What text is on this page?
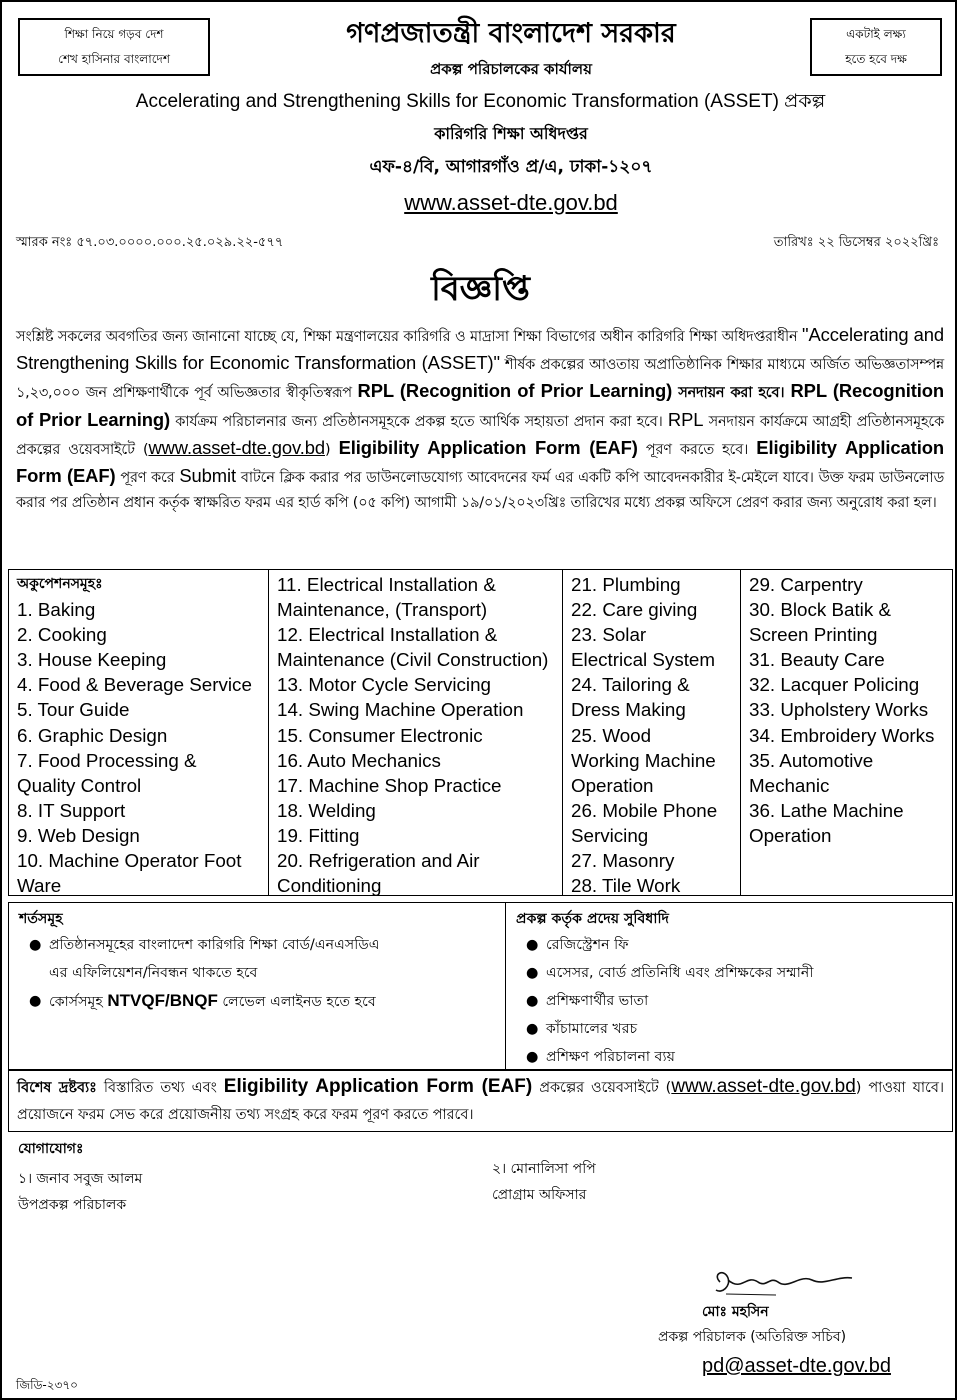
শিক্ষা নিয়ে গড়ব দেশ
শেখ হাসিনার বাংলাদেশ
একটাই লক্ষ্য
হতে হবে দক্ষ
গণপ্রজাতন্ত্রী বাংলাদেশ সরকার
প্রকল্প পরিচালকের কার্যালয়
Accelerating and Strengthening Skills for Economic Transformation (ASSET) প্রকল্প
কারিগরি শিক্ষা অধিদপ্তর
এফ-৪/বি, আগারগাঁও প্র/এ, ঢাকা-১২০৭
www.asset-dte.gov.bd
স্মারক নংঃ ৫৭.০৩.০০০০.০০০.২৫.০২৯.২২-৫৭৭	তারিখঃ ২২ ডিসেম্বর ২০২২খ্রিঃ
বিজ্ঞপ্তি
সংশ্লিষ্ট সকলের অবগতির জন্য জানানো যাচ্ছে যে, শিক্ষা মন্ত্রণালয়ের কারিগরি ও মাদ্রাসা শিক্ষা বিভাগের অধীন কারিগরি শিক্ষা অধিদপ্তরাধীন "Accelerating and Strengthening Skills for Economic Transformation (ASSET)" শীর্ষক প্রকল্পের আওতায় অপ্রাতিষ্ঠানিক শিক্ষার মাধ্যমে অর্জিত অভিজ্ঞতাসম্পন্ন ১,২৩,০০০ জন প্রশিক্ষণার্থীকে পূর্ব অভিজ্ঞতার স্বীকৃতিস্বরূপ RPL (Recognition of Prior Learning) সনদায়ন করা হবে। RPL (Recognition of Prior Learning) কার্যক্রম পরিচালনার জন্য প্রতিষ্ঠানসমূহকে প্রকল্প হতে আর্থিক সহায়তা প্রদান করা হবে। RPL সনদায়ন কার্যক্রমে আগ্রহী প্রতিষ্ঠানসমূহকে প্রকল্পের ওয়েবসাইটে (www.asset-dte.gov.bd) Eligibility Application Form (EAF) পূরণ করতে হবে। Eligibility Application Form (EAF) পূরণ করে Submit বাটনে ক্লিক করার পর ডাউনলোডযোগ্য আবেদনের ফর্ম এর একটি কপি আবেদনকারীর ই-মেইলে যাবে। উক্ত ফরম ডাউনলোড করার পর প্রতিষ্ঠান প্রধান কর্তৃক স্বাক্ষরিত ফরম এর হার্ড কপি (০৫ কপি) আগামী ১৯/০১/২০২৩খ্রিঃ তারিখের মধ্যে প্রকল্প অফিসে প্রেরণ করার জন্য অনুরোধ করা হল।
অকুপেশনসমূহঃ
1. Baking
2. Cooking
3. House Keeping
4. Food & Beverage Service
5. Tour Guide
6. Graphic Design
7. Food Processing &
Quality Control
8. IT Support
9. Web Design
10. Machine Operator Foot
Ware
11. Electrical Installation &
Maintenance, (Transport)
12. Electrical Installation &
Maintenance (Civil Construction)
13. Motor Cycle Servicing
14. Swing Machine Operation
15. Consumer Electronic
16. Auto Mechanics
17. Machine Shop Practice
18. Welding
19. Fitting
20. Refrigeration and Air
Conditioning
21. Plumbing
22. Care giving
23. Solar
Electrical System
24. Tailoring &
Dress Making
25. Wood
Working Machine
Operation
26. Mobile Phone
Servicing
27. Masonry
28. Tile Work
29. Carpentry
30. Block Batik &
Screen Printing
31. Beauty Care
32. Lacquer Policing
33. Upholstery Works
34. Embroidery Works
35. Automotive
Mechanic
36. Lathe Machine
Operation
শর্তসমূহ
● প্রতিষ্ঠানসমূহের বাংলাদেশ কারিগরি শিক্ষা বোর্ড/এনএসডিএ
এর এফিলিয়েশন/নিবন্ধন থাকতে হবে
● কোর্সসমূহ NTVQF/BNQF লেভেল এলাইনড হতে হবে
প্রকল্প কর্তৃক প্রদেয় সুবিধাদি
● রেজিস্ট্রেশন ফি
● এসেসর, বোর্ড প্রতিনিধি এবং প্রশিক্ষকের সম্মানী
● প্রশিক্ষণার্থীর ভাতা
● কাঁচামালের খরচ
● প্রশিক্ষণ পরিচালনা ব্যয়
বিশেষ দ্রষ্টব্যঃ বিস্তারিত তথ্য এবং Eligibility Application Form (EAF) প্রকল্পের ওয়েবসাইটে (www.asset-dte.gov.bd) পাওয়া যাবে। প্রয়োজনে ফরম সেভ করে প্রয়োজনীয় তথ্য সংগ্রহ করে ফরম পূরণ করতে পারবে।
যোগাযোগঃ
১। জনাব সবুজ আলম
উপপ্রকল্প পরিচালক
২। মোনালিসা পপি
প্রোগ্রাম অফিসার
মোঃ মহসিন
প্রকল্প পরিচালক (অতিরিক্ত সচিব)
pd@asset-dte.gov.bd
জিডি-২৩৭০
